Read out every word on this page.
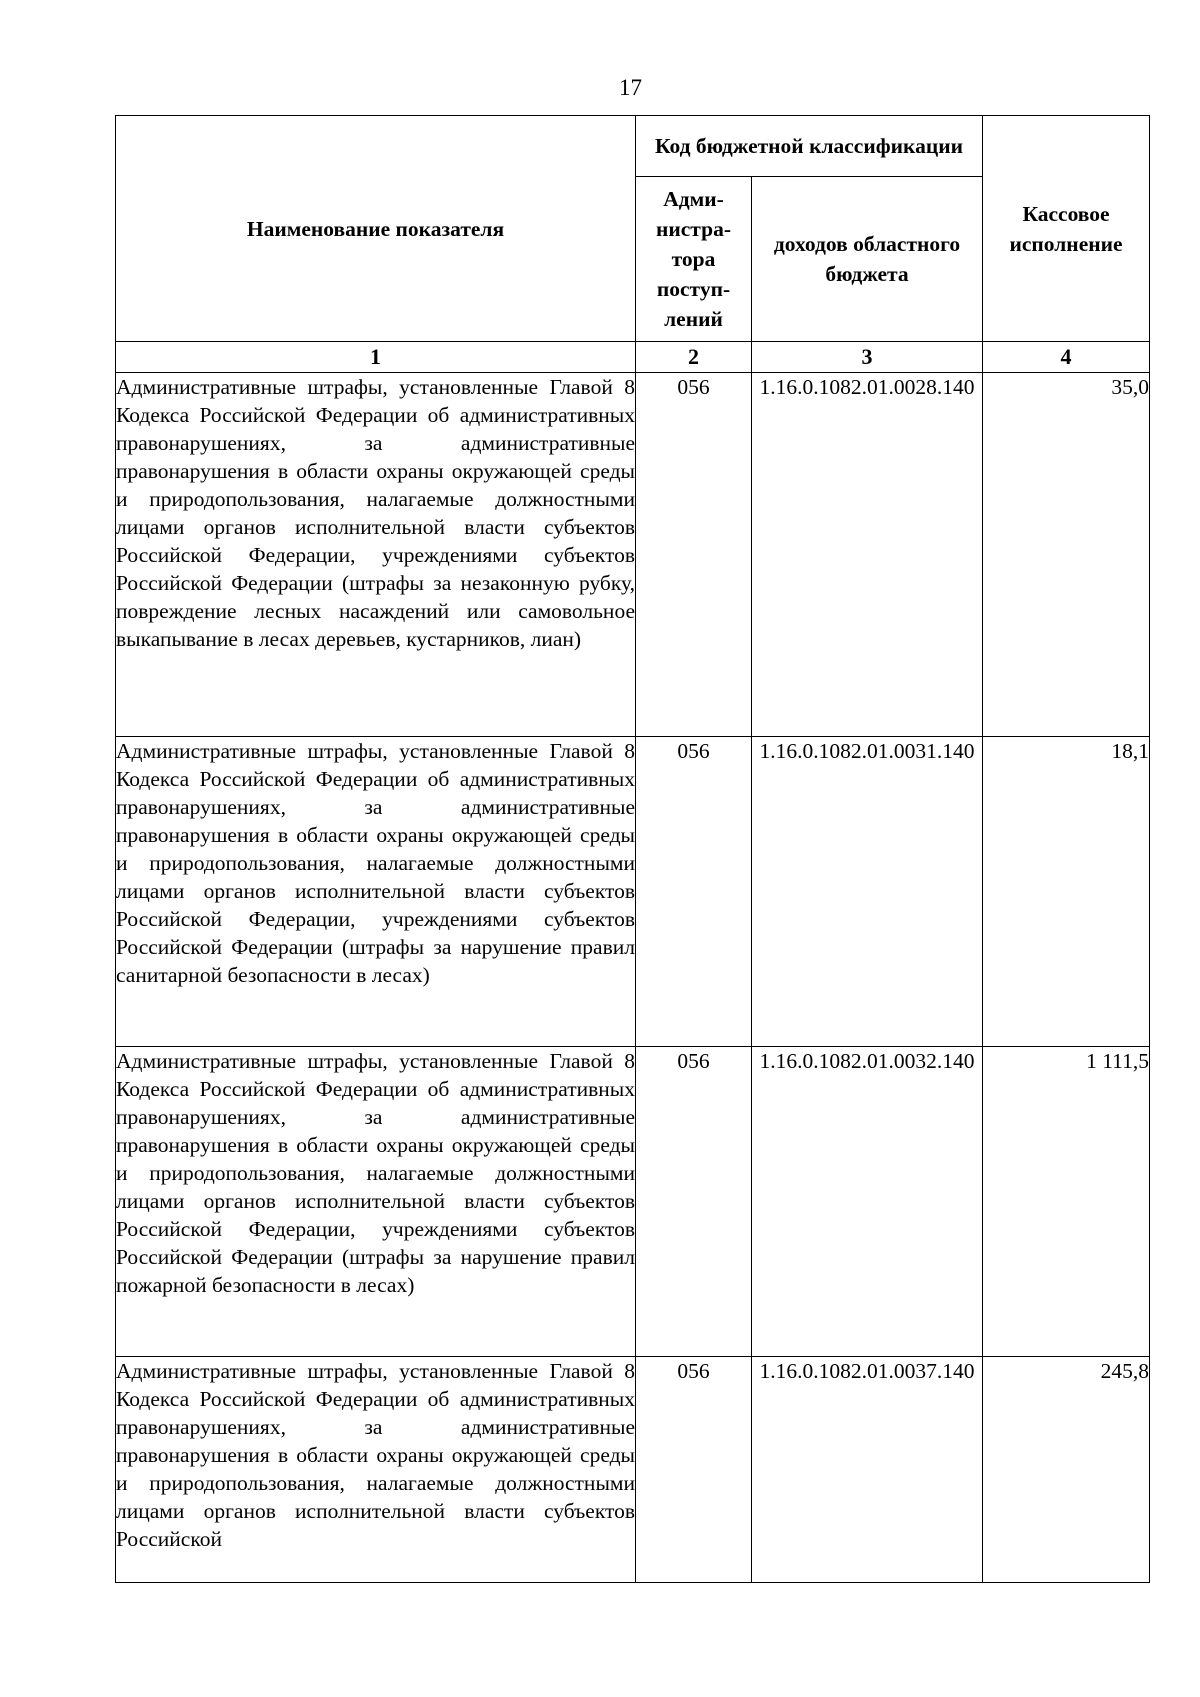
17
Наименование показателя	Код бюджетной классификации		Кассовое исполнение
	Адми-нистра-тора поступ-лений	доходов областного бюджета	
1	2	3	4
Административные штрафы, установленные Главой 8 Кодекса Российской Федерации об административных правонарушениях, за административные правонарушения в области охраны окружающей среды и природопользования, налагаемые должностными лицами органов исполнительной власти субъектов Российской Федерации, учреждениями субъектов Российской Федерации (штрафы за незаконную рубку, повреждение лесных насаждений или самовольное выкапывание в лесах деревьев, кустарников, лиан)	056	1.16.0.1082.01.0028.140	35,0
Административные штрафы, установленные Главой 8 Кодекса Российской Федерации об административных правонарушениях, за административные правонарушения в области охраны окружающей среды и природопользования, налагаемые должностными лицами органов исполнительной власти субъектов Российской Федерации, учреждениями субъектов Российской Федерации (штрафы за нарушение правил санитарной безопасности в лесах)	056	1.16.0.1082.01.0031.140	18,1
Административные штрафы, установленные Главой 8 Кодекса Российской Федерации об административных правонарушениях, за административные правонарушения в области охраны окружающей среды и природопользования, налагаемые должностными лицами органов исполнительной власти субъектов Российской Федерации, учреждениями субъектов Российской Федерации (штрафы за нарушение правил пожарной безопасности в лесах)	056	1.16.0.1082.01.0032.140	1 111,5
Административные штрафы, установленные Главой 8 Кодекса Российской Федерации об административных правонарушениях, за административные правонарушения в области охраны окружающей среды и природопользования, налагаемые должностными лицами органов исполнительной власти субъектов Российской	056	1.16.0.1082.01.0037.140	245,8
